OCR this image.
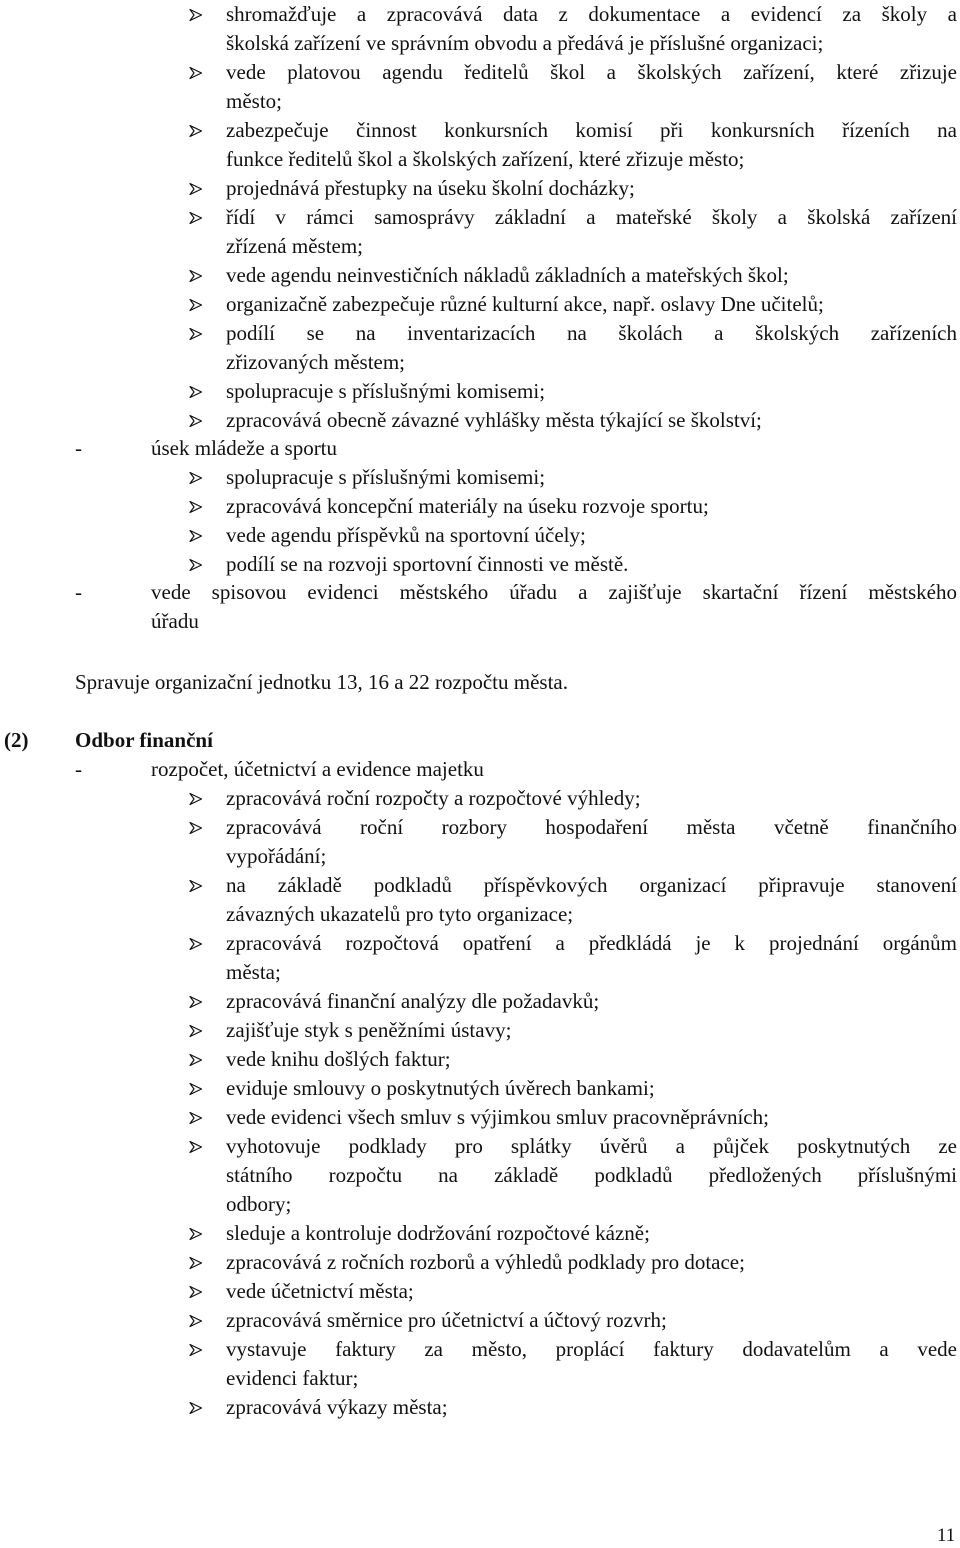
shromažďuje a zpracovává data z dokumentace a evidencí za školy a
školská zařízení ve správním obvodu a předává je příslušné organizaci;
vede platovou agendu ředitelů škol a školských zařízení, které zřizuje
město;
zabezpečuje činnost konkursních komisí při konkursních řízeních na
funkce ředitelů škol a školských zařízení, které zřizuje město;
projednává přestupky na úseku školní docházky;
řídí v rámci samosprávy základní a mateřské školy a školská zařízení
zřízená městem;
vede agendu neinvestičních nákladů základních a mateřských škol;
organizačně zabezpečuje různé kulturní akce, např. oslavy Dne učitelů;
podílí se na inventarizacích na školách a školských zařízeních
zřizovaných městem;
spolupracuje s příslušnými komisemi;
zpracovává obecně závazné vyhlášky města týkající se školství;
-	úsek mládeže a sportu
spolupracuje s příslušnými komisemi;
zpracovává koncepční materiály na úseku rozvoje sportu;
vede agendu příspěvků na sportovní účely;
podílí se na rozvoji sportovní činnosti ve městě.
-	vede spisovou evidenci městského úřadu a zajišťuje skartační řízení městského
úřadu
Spravuje organizační jednotku 13, 16 a 22 rozpočtu města.
(2) Odbor finanční
-	rozpočet, účetnictví a evidence majetku
zpracovává roční rozpočty a rozpočtové výhledy;
zpracovává roční rozbory hospodaření města včetně finančního
vypořádání;
na základě podkladů příspěvkových organizací připravuje stanovení
závazných ukazatelů pro tyto organizace;
zpracovává rozpočtová opatření a předkládá je k projednání orgánům
města;
zpracovává finanční analýzy dle požadavků;
zajišťuje styk s peněžními ústavy;
vede knihu došlých faktur;
eviduje smlouvy o poskytnutých úvěrech bankami;
vede evidenci všech smluv s výjimkou smluv pracovněprávních;
vyhotovuje podklady pro splátky úvěrů a půjček poskytnutých ze
státního rozpočtu na základě podkladů předložených příslušnými
odbory;
sleduje a kontroluje dodržování rozpočtové kázně;
zpracovává z ročních rozborů a výhledů podklady pro dotace;
vede účetnictví města;
zpracovává směrnice pro účetnictví a účtový rozvrh;
vystavuje faktury za město, proplácí faktury dodavatelům a vede
evidenci faktur;
zpracovává výkazy města;
11
